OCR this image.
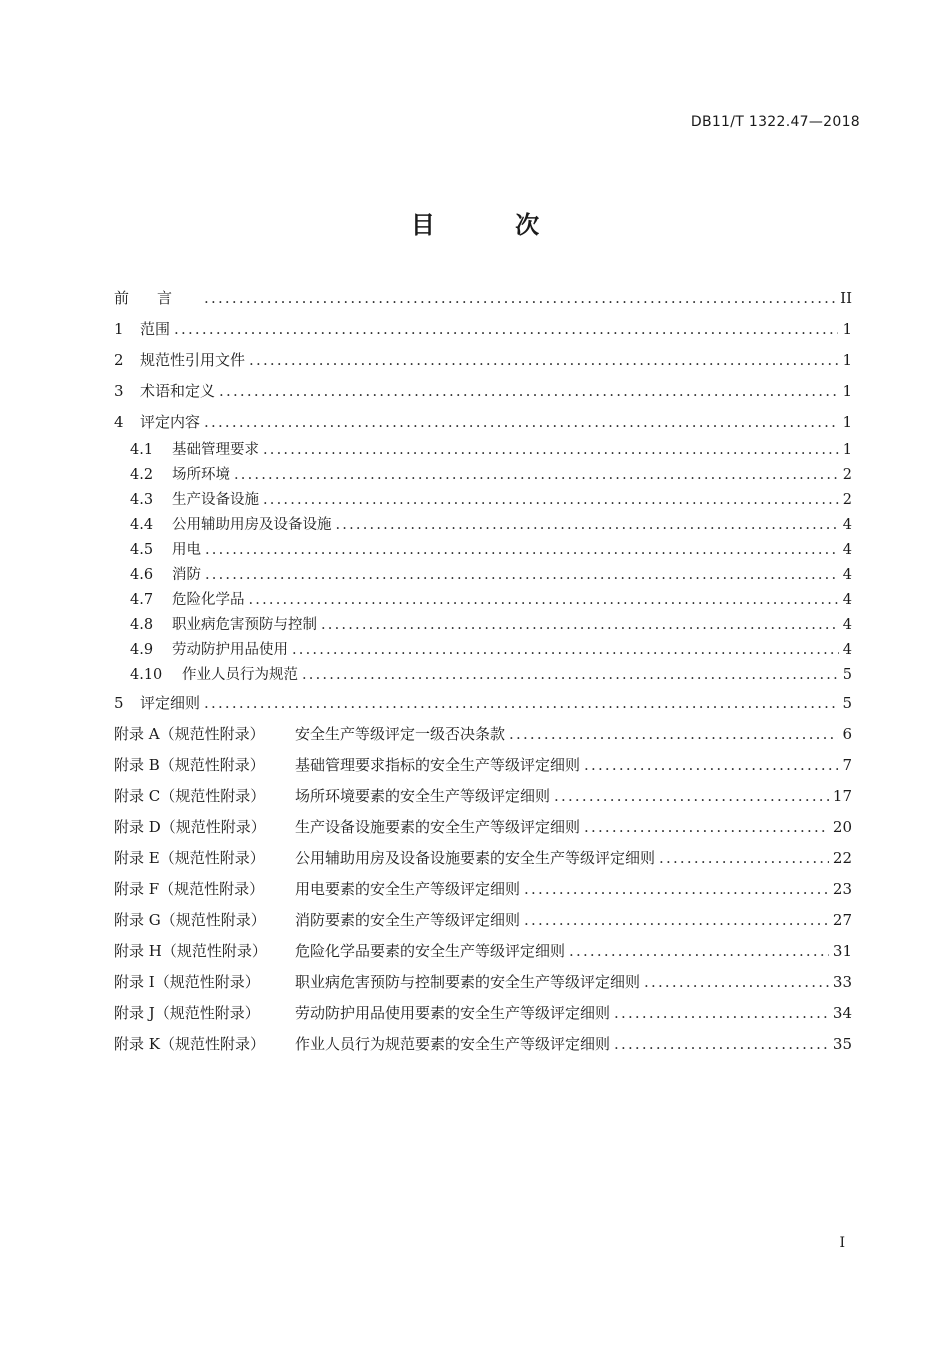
DB11/T 1322.47—2018
目 次
前言 .....	II
1	范围 .....	1
2	规范性引用文件 .....	1
3	术语和定义 .....	1
4	评定内容 .....	1
4.1	基础管理要求 .....	1
4.2	场所环境 .....	2
4.3	生产设备设施 .....	2
4.4	公用辅助用房及设备设施 .....	4
4.5	用电 .....	4
4.6	消防 .....	4
4.7	危险化学品 .....	4
4.8	职业病危害预防与控制 .....	4
4.9	劳动防护用品使用 .....	4
4.10	作业人员行为规范 .....	5
5	评定细则 .....	5
附录 A（规范性附录）	安全生产等级评定一级否决条款 .....	6
附录 B（规范性附录）	基础管理要求指标的安全生产等级评定细则 .....	7
附录 C（规范性附录）	场所环境要素的安全生产等级评定细则 .....	17
附录 D（规范性附录）	生产设备设施要素的安全生产等级评定细则 .....	20
附录 E（规范性附录）	公用辅助用房及设备设施要素的安全生产等级评定细则 .....	22
附录 F（规范性附录）	用电要素的安全生产等级评定细则 .....	23
附录 G（规范性附录）	消防要素的安全生产等级评定细则 .....	27
附录 H（规范性附录）	危险化学品要素的安全生产等级评定细则 .....	31
附录 I（规范性附录）	职业病危害预防与控制要素的安全生产等级评定细则 .....	33
附录 J（规范性附录）	劳动防护用品使用要素的安全生产等级评定细则 .....	34
附录 K（规范性附录）	作业人员行为规范要素的安全生产等级评定细则 .....	35
I
